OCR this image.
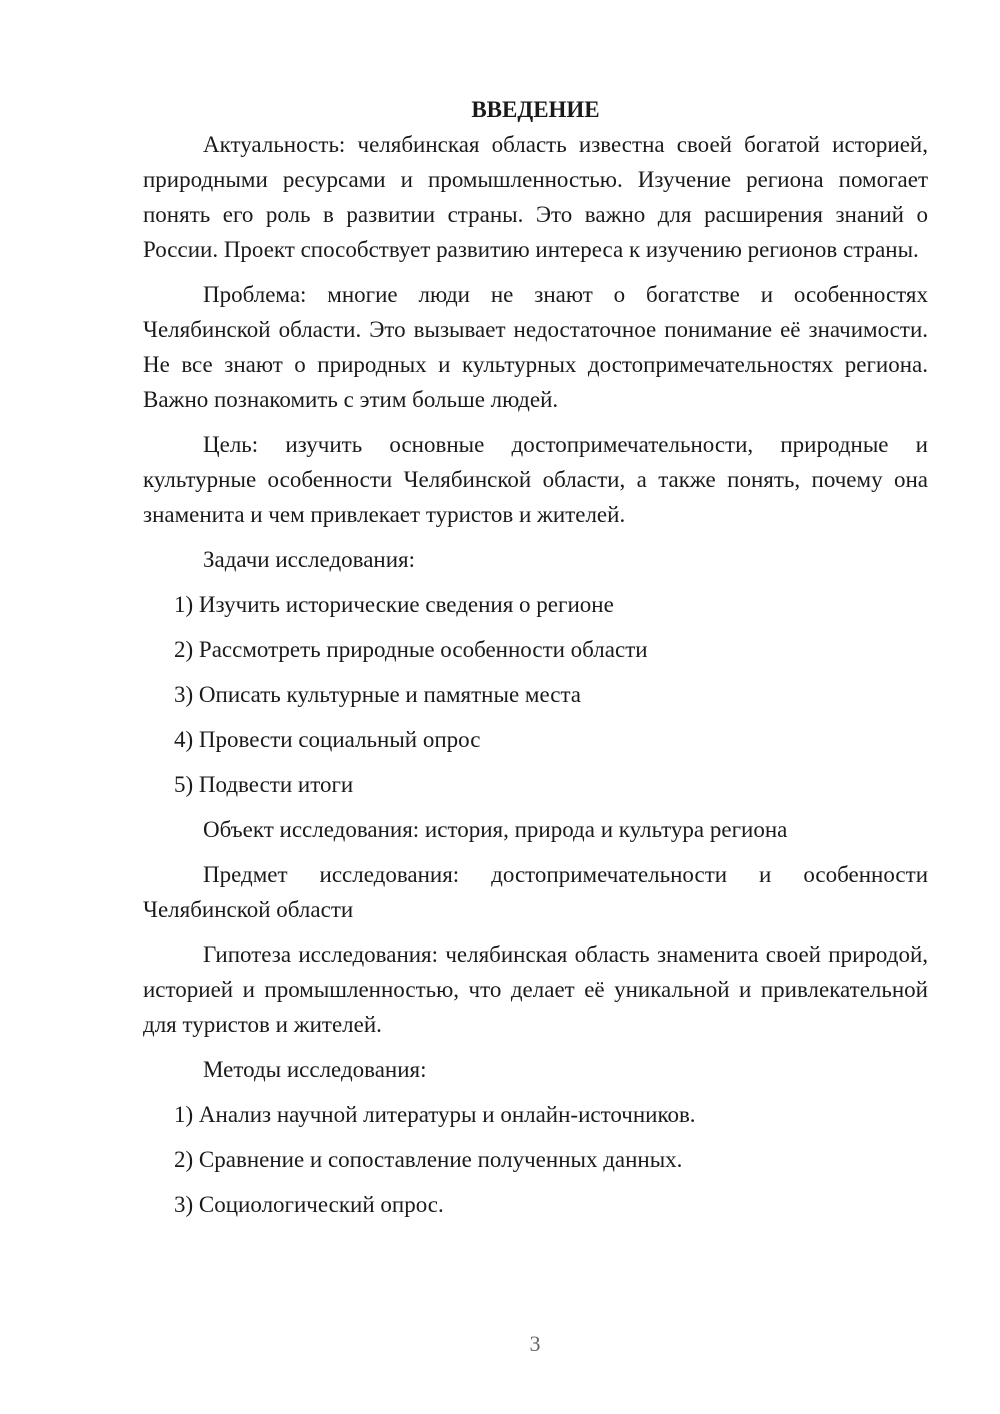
ВВЕДЕНИЕ

Актуальность: челябинская область известна своей богатой историей, природными ресурсами и промышленностью. Изучение региона помогает понять его роль в развитии страны. Это важно для расширения знаний о России. Проект способствует развитию интереса к изучению регионов страны.

Проблема: многие люди не знают о богатстве и особенностях Челябинской области. Это вызывает недостаточное понимание её значимости. Не все знают о природных и культурных достопримечательностях региона. Важно познакомить с этим больше людей.

Цель: изучить основные достопримечательности, природные и культурные особенности Челябинской области, а также понять, почему она знаменита и чем привлекает туристов и жителей.

Задачи исследования:

1) Изучить исторические сведения о регионе
2) Рассмотреть природные особенности области
3) Описать культурные и памятные места
4) Провести социальный опрос
5) Подвести итоги

Объект исследования: история, природа и культура региона

Предмет исследования: достопримечательности и особенности Челябинской области

Гипотеза исследования: челябинская область знаменита своей природой, историей и промышленностью, что делает её уникальной и привлекательной для туристов и жителей.

Методы исследования:

1) Анализ научной литературы и онлайн-источников.
2) Сравнение и сопоставление полученных данных.
3) Социологический опрос.
3
